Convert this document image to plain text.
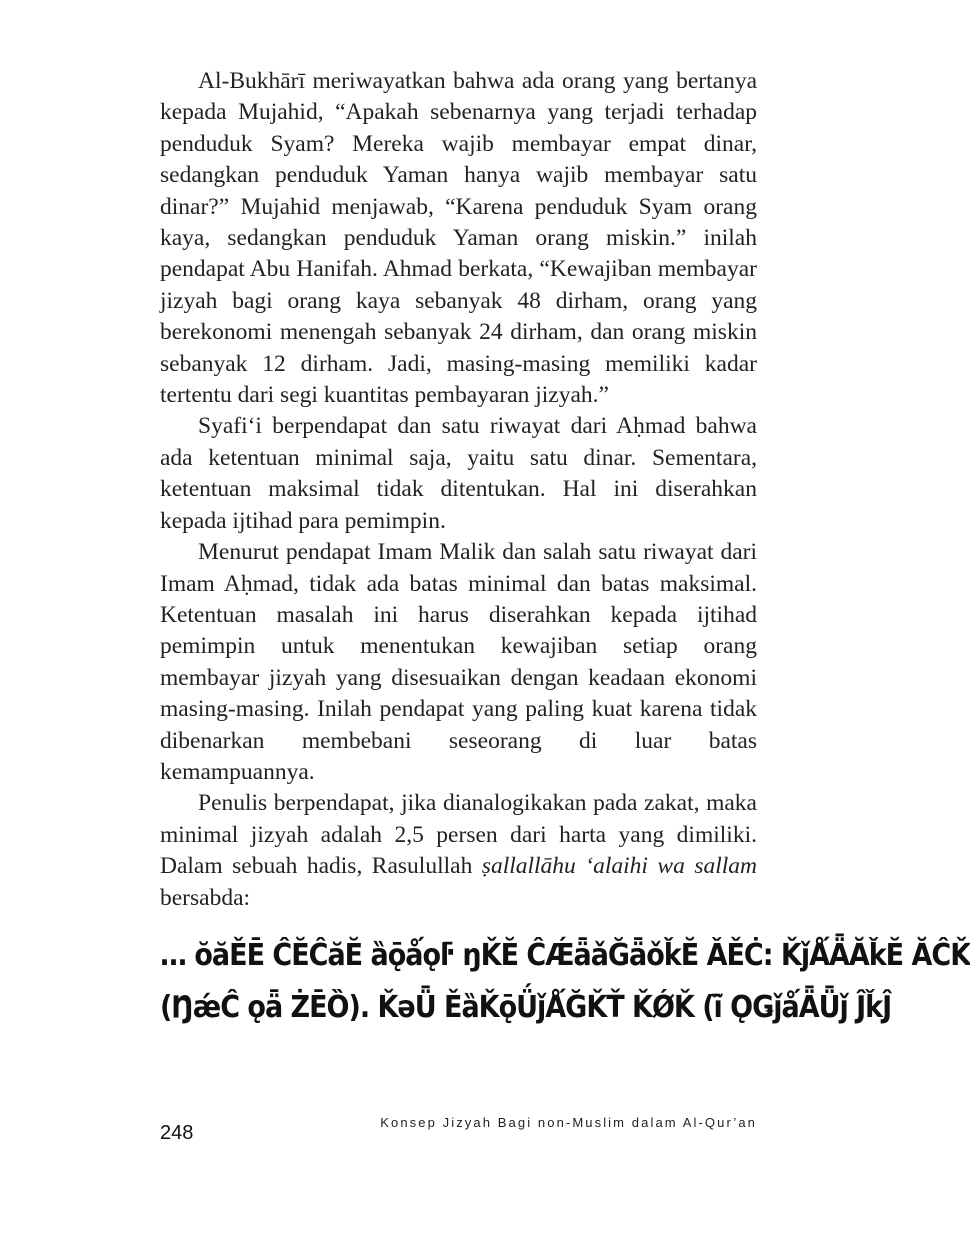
Al-Bukhārī meriwayatkan bahwa ada orang yang bertanya kepada Mujahid, “Apakah sebenarnya yang terjadi terhadap penduduk Syam? Mereka wajib membayar empat dinar, sedangkan penduduk Yaman hanya wajib membayar satu dinar?” Mujahid menjawab, “Karena penduduk Syam orang kaya, sedangkan penduduk Yaman orang miskin.” inilah pendapat Abu Hanifah. Ahmad berkata, “Kewajiban membayar jizyah bagi orang kaya sebanyak 48 dirham, orang yang berekonomi menengah sebanyak 24 dirham, dan orang miskin sebanyak 12 dirham. Jadi, masing-masing memiliki kadar tertentu dari segi kuantitas pembayaran jizyah.”

Syafi‘i berpendapat dan satu riwayat dari Aḥmad bahwa ada ketentuan minimal saja, yaitu satu dinar. Sementara, ketentuan maksimal tidak ditentukan. Hal ini diserahkan kepada ijtihad para pemimpin.

Menurut pendapat Imam Malik dan salah satu riwayat dari Imam Aḥmad, tidak ada batas minimal dan batas maksimal. Ketentuan masalah ini harus diserahkan kepada ijtihad pemimpin untuk menentukan kewajiban setiap orang membayar jizyah yang disesuaikan dengan keadaan ekonomi masing-masing. Inilah pendapat yang paling kuat karena tidak dibenarkan membebani seseorang di luar batas kemampuannya.

Penulis berpendapat, jika dianalogikakan pada zakat, maka minimal jizyah adalah 2,5 persen dari harta yang dimiliki. Dalam sebuah hadis, Rasulullah ṣallallāhu ‘alaihi wa sallam bersabda:

… ŏăĚĒ ĈĔĈăĔ ȁǭǻǫŀ̄ ŋǨĔ ĈǼǟǎĞǟǒǩĔ ǍĚĊ: ǨǰǺǞĂǩĔ ĂĈǨ
(ŊǽĈ ǫǟ ŻĒȌ). ǨǝǕ ĚȁǨǭǗǰǺĞǨŤ ǨǾǨ (ĩ̄ ǪǤǰǻǞǕǰ ĴǩĴ
Konsep Jizyah Bagi non-Muslim dalam Al-Qur’an
248
